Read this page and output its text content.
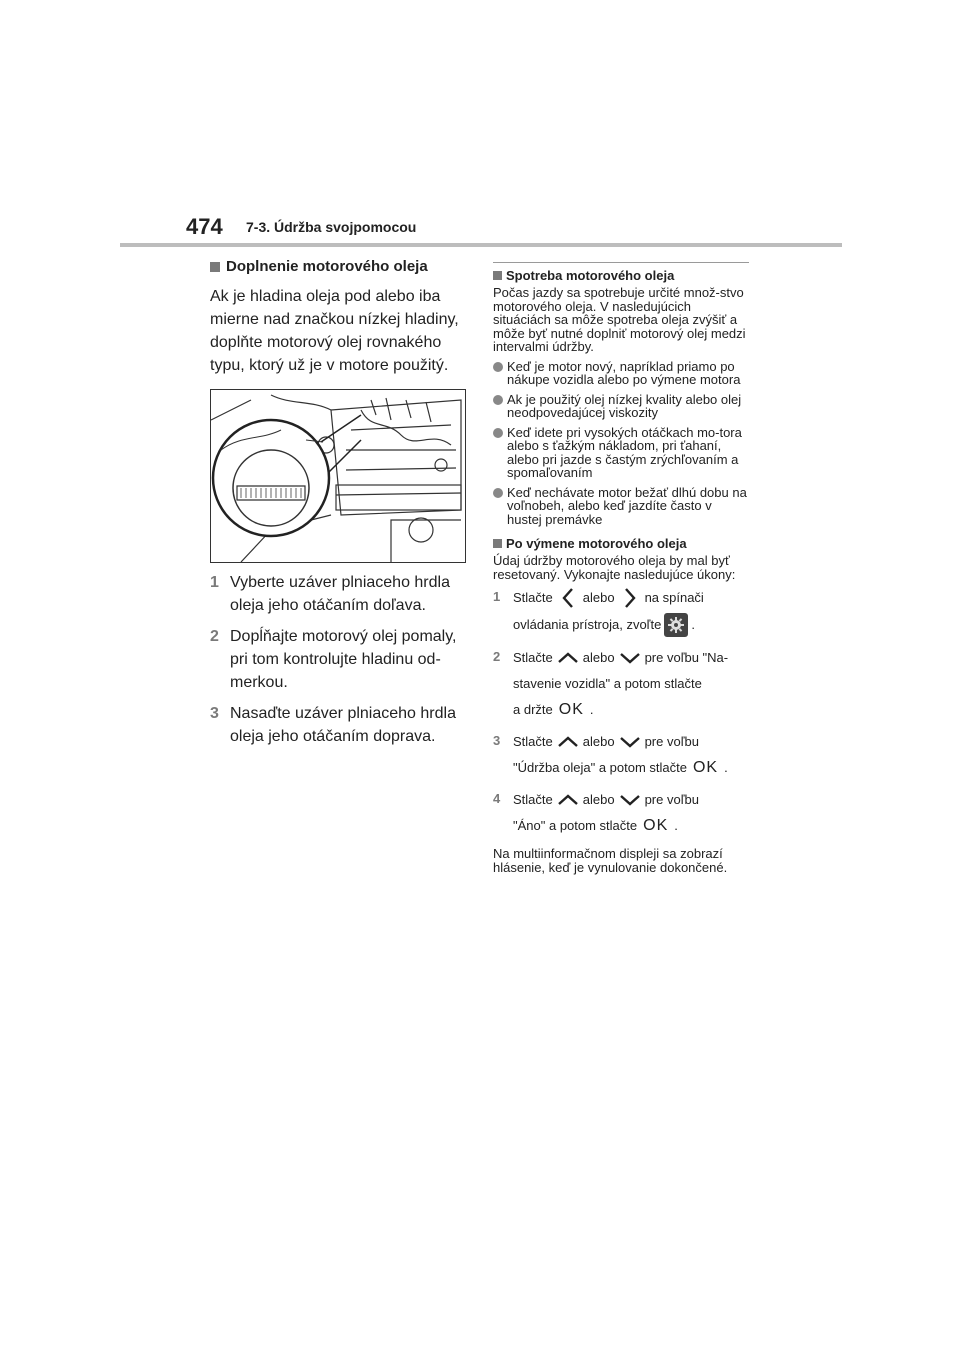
474 7-3. Údržba svojpomocou
Doplnenie motorového oleja

Ak je hladina oleja pod alebo iba mierne nad značkou nízkej hladiny, doplňte motorový olej rovnakého typu, ktorý už je v motore použitý.

1 Vyberte uzáver plniaceho hrdla oleja jeho otáčaním doľava.
2 Dopĺňajte motorový olej pomaly, pri tom kontrolujte hladinu od-merkou.
3 Nasaďte uzáver plniaceho hrdla oleja jeho otáčaním doprava.
Spotreba motorového oleja

Počas jazdy sa spotrebuje určité množ-stvo motorového oleja. V nasledujúcich situáciách sa môže spotreba oleja zvýšiť a môže byť nutné doplniť motorový olej medzi intervalmi údržby.

Keď je motor nový, napríklad priamo po nákupe vozidla alebo po výmene motora
Ak je použitý olej nízkej kvality alebo olej neodpovedajúcej viskozity
Keď idete pri vysokých otáčkach mo-tora alebo s ťažkým nákladom, pri ťahaní, alebo pri jazde s častým zrýchľovaním a spomaľovaním
Keď nechávate motor bežať dlhú dobu na voľnobeh, alebo keď jazdíte často v hustej premávke
Po výmene motorového oleja

Údaj údržby motorového oleja by mal byť resetovaný. Vykonajte nasledujúce úkony:

1 Stlačte alebo na spínači
ovládania prístroja, zvoľte .
2 Stlačte alebo pre voľbu "Na-
stavenie vozidla" a potom stlačte
a držte OK .
3 Stlačte alebo pre voľbu
"Údržba oleja" a potom stlačte OK .
4 Stlačte alebo pre voľbu
"Áno" a potom stlačte OK .

Na multiinformačnom displeji sa zobrazí hlásenie, keď je vynulovanie dokončené.
